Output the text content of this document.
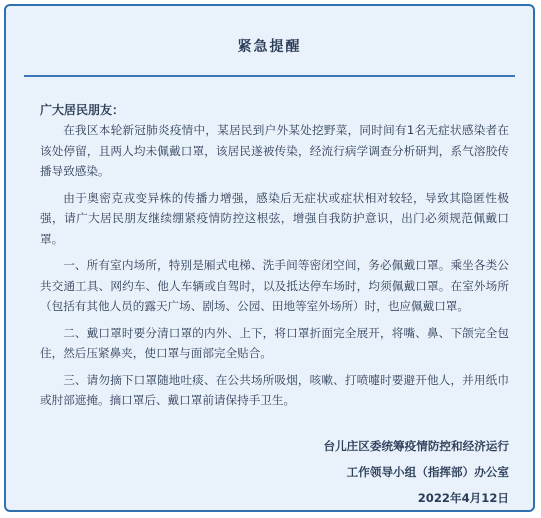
紧急提醒

广大居民朋友：

在我区本轮新冠肺炎疫情中，某居民到户外某处挖野菜，同时间有1名无症状感染者在该处停留，且两人均未佩戴口罩，该居民遂被传染，经流行病学调查分析研判，系气溶胶传播导致感染。

由于奥密克戎变异株的传播力增强，感染后无症状或症状相对较轻，导致其隐匿性极强，请广大居民朋友继续绷紧疫情防控这根弦，增强自我防护意识，出门必须规范佩戴口罩。

一、所有室内场所，特别是厢式电梯、洗手间等密闭空间，务必佩戴口罩。乘坐各类公共交通工具、网约车、他人车辆或自驾时，以及抵达停车场时，均须佩戴口罩。在室外场所（包括有其他人员的露天广场、剧场、公园、田地等室外场所）时，也应佩戴口罩。

二、戴口罩时要分清口罩的内外、上下，将口罩折面完全展开，将嘴、鼻、下颌完全包住，然后压紧鼻夹，使口罩与面部完全贴合。

三、请勿摘下口罩随地吐痰、在公共场所吸烟，咳嗽、打喷嚏时要避开他人，并用纸巾或肘部遮掩。摘口罩后、戴口罩前请保持手卫生。

台儿庄区委统筹疫情防控和经济运行
工作领导小组（指挥部）办公室
2022年4月12日
